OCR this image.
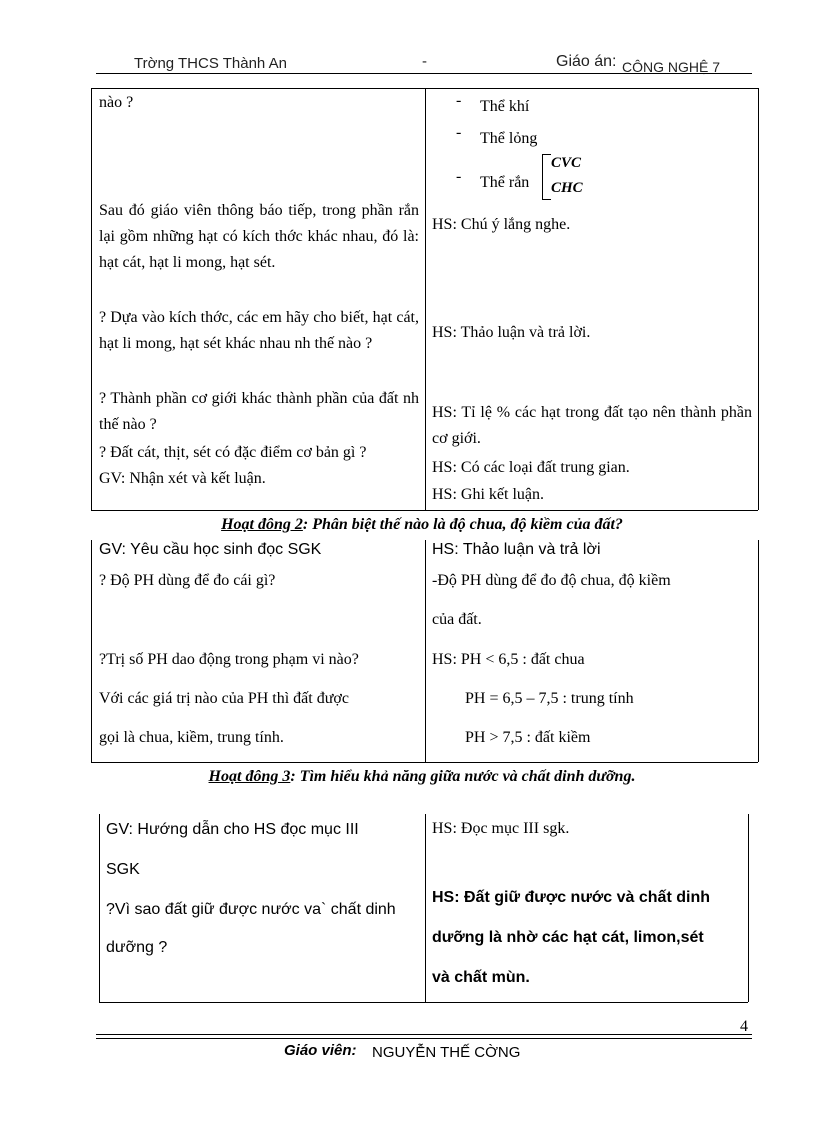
Trờng THCS Thành An	-	Giáo án: CÔNG NGHỆ 7
nào ?
Sau đó giáo viên thông báo tiếp, trong phần rắn lại gồm những hạt có kích thớc khác nhau, đó là: hạt cát, hạt li mong, hạt sét.
? Dựa vào kích thớc, các em hãy cho biết, hạt cát, hạt li mong, hạt sét khác nhau nh thế nào ?
? Thành phần cơ giới khác thành phần của đất nh thế nào ?
? Đất cát, thịt, sét có đặc điểm cơ bản gì ?
GV: Nhận xét và kết luận.
- Thể khí
- Thể lỏng
- Thể rắn
CVC
CHC
HS: Chú ý lắng nghe.
HS: Thảo luận và trả lời.
HS: Tỉ lệ % các hạt trong đất tạo nên thành phần cơ giới.
HS: Có các loại đất trung gian.
HS: Ghi kết luận.
Hoạt đông 2: Phân biệt thế nào là độ chua, độ kiềm của đất?
GV: Yêu cầu học sinh đọc SGK
? Độ PH dùng để đo cái gì?
?Trị số PH dao động trong phạm vi nào?
Với các giá trị nào của PH thì đất được
gọi là chua, kiềm, trung tính.
HS: Thảo luận và trả lời
-Độ PH dùng để đo độ chua, độ kiềm
của đất.
HS: PH < 6,5 : đất chua
PH = 6,5 – 7,5 : trung tính
PH > 7,5 : đất kiềm
Hoạt đông 3: Tìm hiểu khả năng giữa nước và chất dinh dưỡng.
GV: Hướng dẫn cho HS đọc mục III
SGK
?Vì sao đất giữ được nước va` chất dinh
dưỡng ?
HS: Đọc mục III sgk.
HS: Đất giữ được nước và chất dinh
dưỡng là nhờ các hạt cát, limon,sét
và chất mùn.
4
Giáo viên: NGUYỄN THẾ CỜNG
